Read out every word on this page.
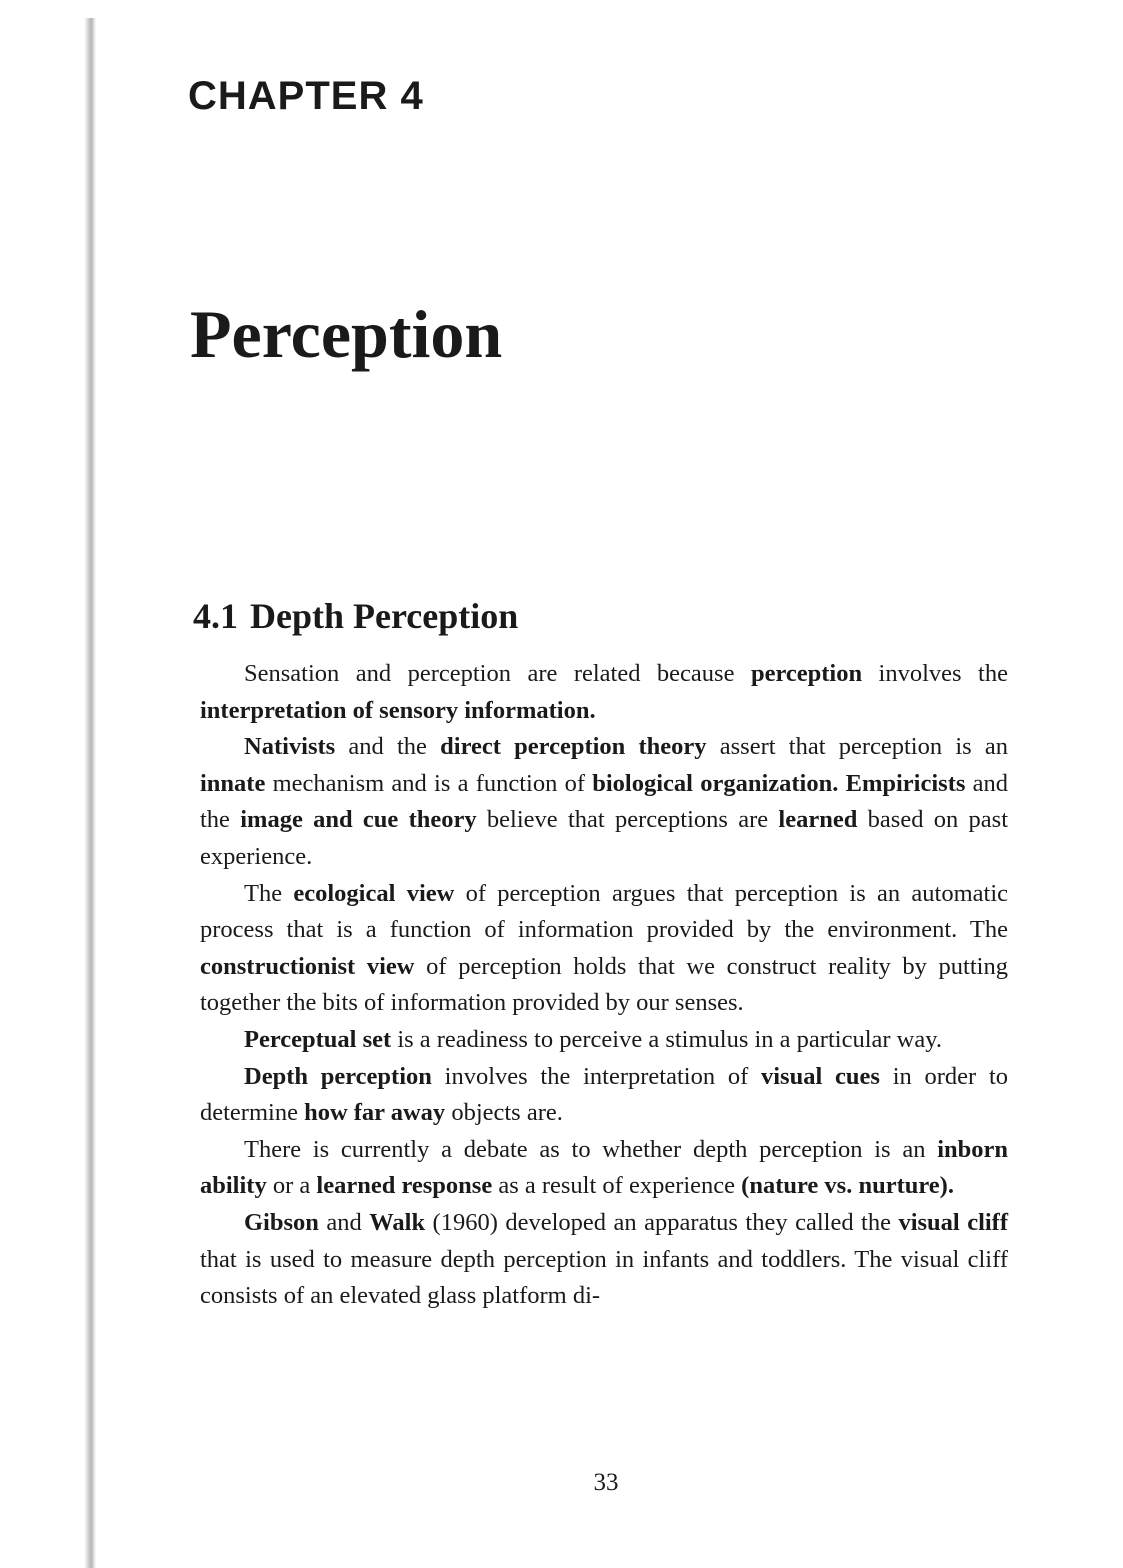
CHAPTER 4
Perception
4.1 Depth Perception

Sensation and perception are related because perception involves the interpretation of sensory information.

Nativists and the direct perception theory assert that perception is an innate mechanism and is a function of biological organization. Empiricists and the image and cue theory believe that perceptions are learned based on past experience.

The ecological view of perception argues that perception is an automatic process that is a function of information provided by the environment. The constructionist view of perception holds that we construct reality by putting together the bits of information provided by our senses.

Perceptual set is a readiness to perceive a stimulus in a particular way.

Depth perception involves the interpretation of visual cues in order to determine how far away objects are.

There is currently a debate as to whether depth perception is an inborn ability or a learned response as a result of experience (nature vs. nurture).

Gibson and Walk (1960) developed an apparatus they called the visual cliff that is used to measure depth perception in infants and toddlers. The visual cliff consists of an elevated glass platform di-

33
